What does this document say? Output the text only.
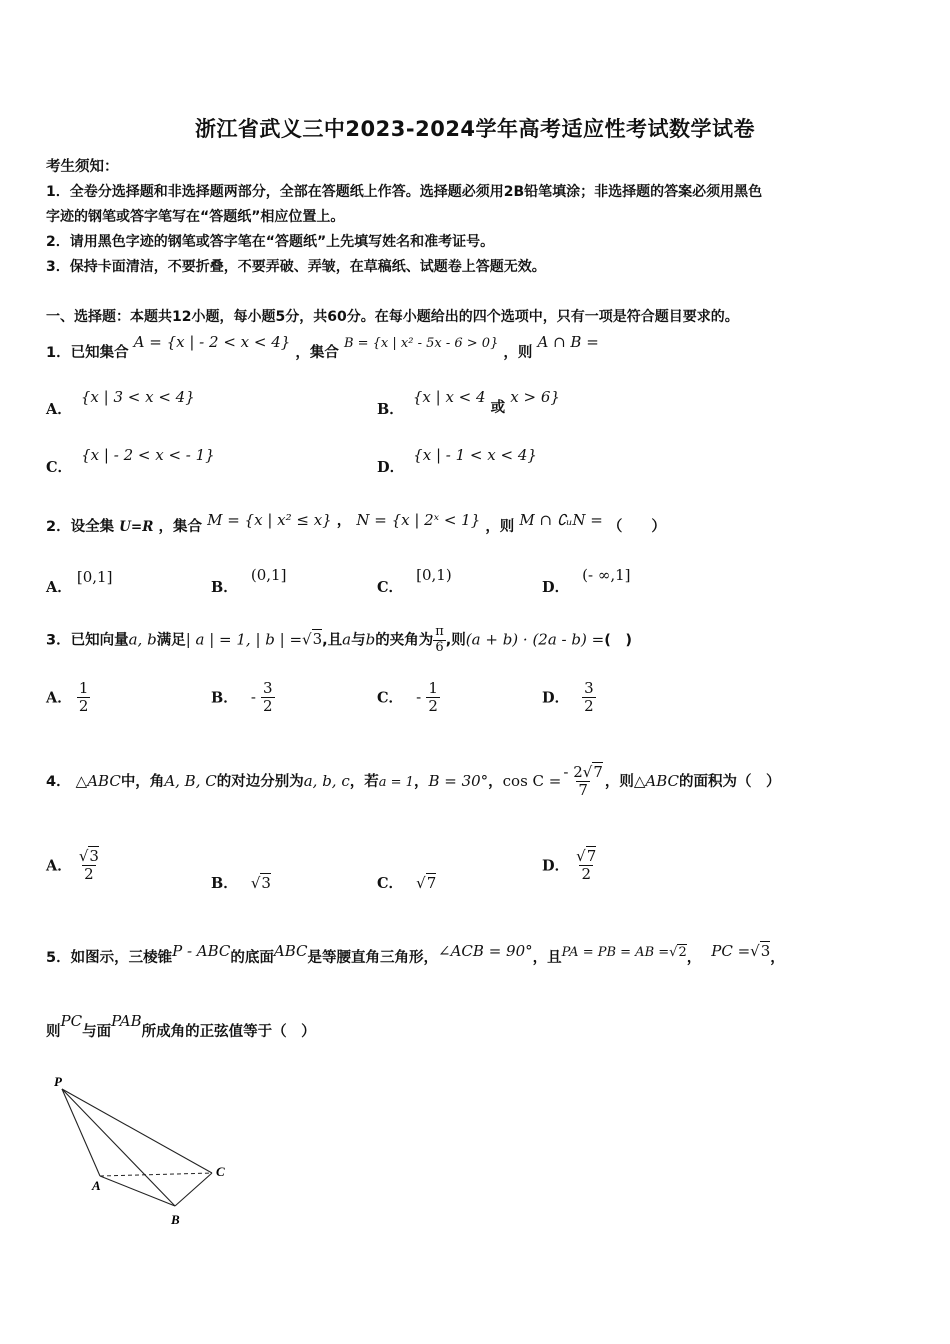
浙江省武义三中2023-2024学年高考适应性考试数学试卷
考生须知：
1．全卷分选择题和非选择题两部分，全部在答题纸上作答。选择题必须用2B铅笔填涂；非选择题的答案必须用黑色
字迹的钢笔或答字笔写在“答题纸”相应位置上。
2．请用黑色字迹的钢笔或答字笔在“答题纸”上先填写姓名和准考证号。
3．保持卡面清洁，不要折叠，不要弄破、弄皱，在草稿纸、试题卷上答题无效。
一、选择题：本题共12小题，每小题5分，共60分。在每小题给出的四个选项中，只有一项是符合题目要求的。
1．已知集合 A = {x | - 2 < x < 4} ，集合 B = {x | x² - 5x - 6 > 0} ，则 A ∩ B =
A． {x | 3 < x < 4}
B． {x | x < 4 或 x > 6}
C． {x | - 2 < x < - 1}
D． {x | - 1 < x < 4}
2．设全集 U=R ，集合 M = {x | x² ≤ x} ， N = {x | 2ˣ < 1} ，则 M ∩ ∁ᵤN = （　　）
A． [0,1]
B． (0,1]
C． [0,1)
D． (- ∞,1]
3．已知向量a, b满足| a | = 1, | b | =√3,且a与b的夹角为 $\frac{\pi}{6}$ ,则(a + b) · (2a - b) =(　)
A． $\frac{1}{2}$	B． - $\frac{3}{2}$	C． - $\frac{1}{2}$	D． $\frac{3}{2}$
4． △ABC中，角A, B, C的对边分别为a, b, c，若a = 1，B = 30°，$\cos C = \frac{- 2√7}{7}$ ，则△ABC的面积为（　）
A． $\frac{√3}{2}$	B． √3	C． √7
D． $\frac{√7}{2}$
5．如图示，三棱锥P - ABC的底面ABC是等腰直角三角形，∠ACB = 90°，且PA = PB = AB =√2， PC =√3，
则PC与面PAB所成角的正弦值等于（　）
P
A
B
C
